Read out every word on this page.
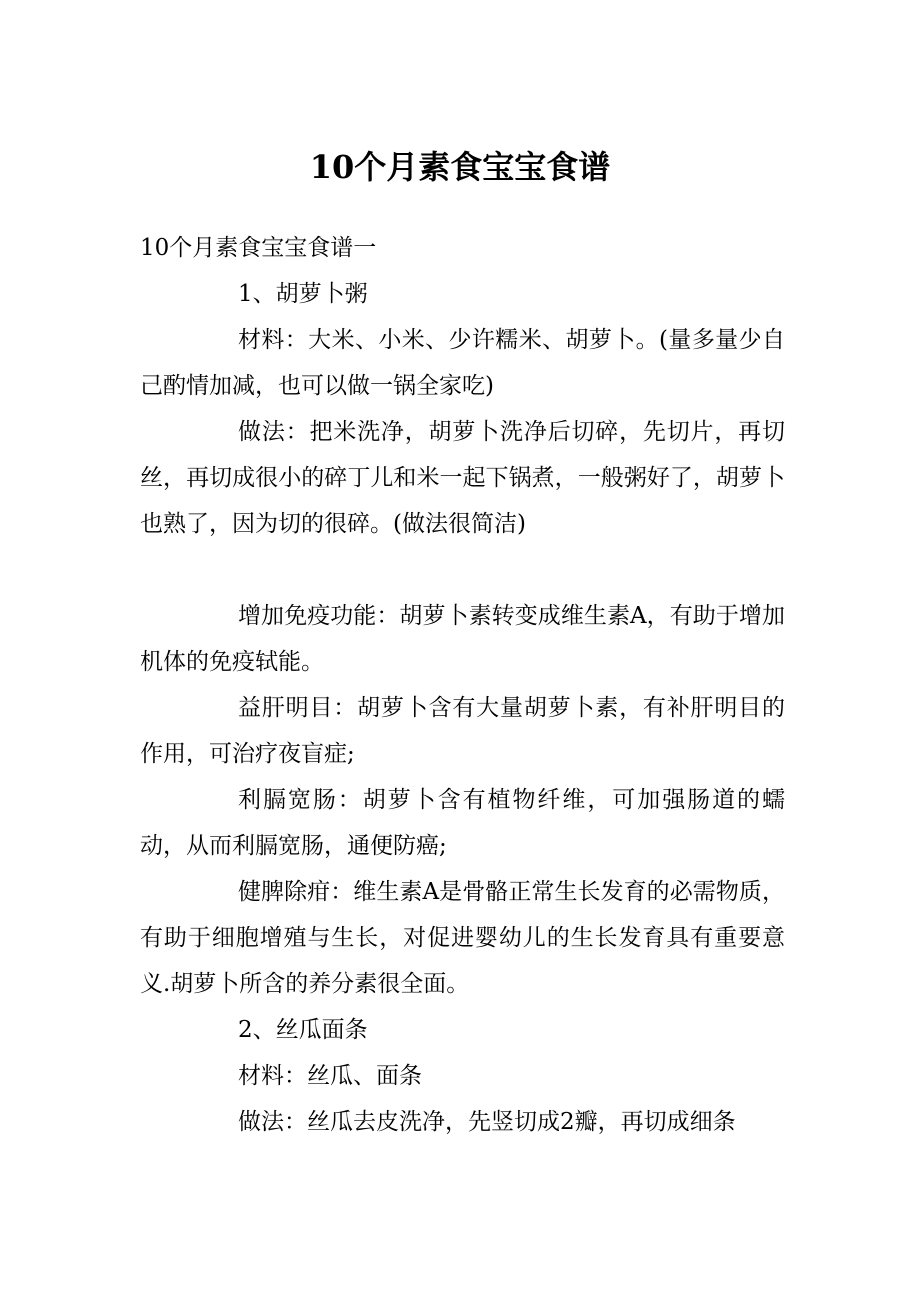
10个月素食宝宝食谱

10个月素食宝宝食谱一

1、胡萝卜粥

材料：大米、小米、少许糯米、胡萝卜。(量多量少自己酌情加减，也可以做一锅全家吃)

做法：把米洗净，胡萝卜洗净后切碎，先切片，再切丝，再切成很小的碎丁儿和米一起下锅煮，一般粥好了，胡萝卜也熟了，因为切的很碎。(做法很简洁)

增加免疫功能：胡萝卜素转变成维生素A，有助于增加机体的免疫轼能。

益肝明目：胡萝卜含有大量胡萝卜素，有补肝明目的作用，可治疗夜盲症;

利膈宽肠：胡萝卜含有植物纤维，可加强肠道的蠕动，从而利膈宽肠，通便防癌;

健脾除疳：维生素A是骨骼正常生长发育的必需物质，有助于细胞增殖与生长，对促进婴幼儿的生长发育具有重要意义.胡萝卜所含的养分素很全面。

2、丝瓜面条

材料：丝瓜、面条

做法：丝瓜去皮洗净，先竖切成2瓣，再切成细条
